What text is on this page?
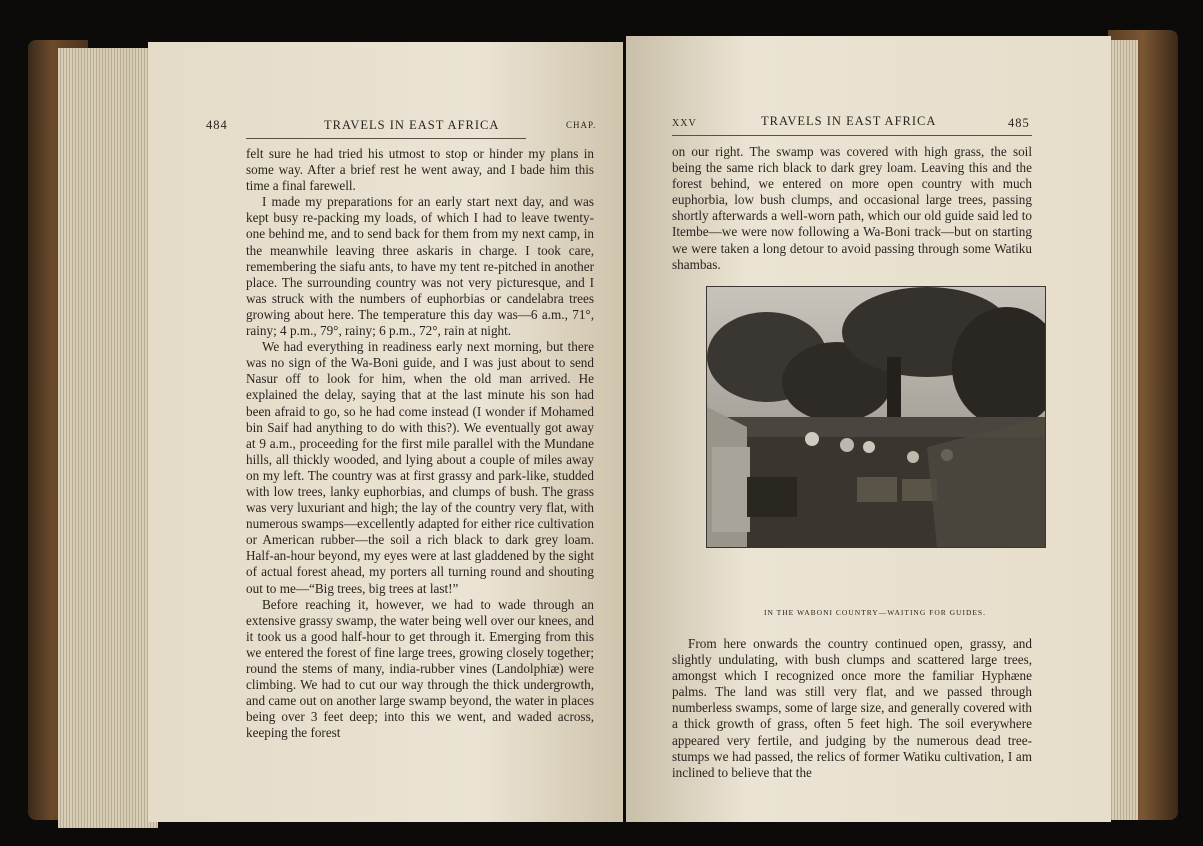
484	TRAVELS IN EAST AFRICA	CHAP.

felt sure he had tried his utmost to stop or hinder my plans in some way. After a brief rest he went away, and I bade him this time a final farewell.

I made my preparations for an early start next day, and was kept busy re-packing my loads, of which I had to leave twenty-one behind me, and to send back for them from my next camp, in the meanwhile leaving three askaris in charge. I took care, remembering the siafu ants, to have my tent re-pitched in another place. The surrounding country was not very picturesque, and I was struck with the numbers of euphorbias or candelabra trees growing about here. The temperature this day was—6 a.m., 71°, rainy; 4 p.m., 79°, rainy; 6 p.m., 72°, rain at night.

We had everything in readiness early next morning, but there was no sign of the Wa-Boni guide, and I was just about to send Nasur off to look for him, when the old man arrived. He explained the delay, saying that at the last minute his son had been afraid to go, so he had come instead (I wonder if Mohamed bin Saif had anything to do with this?). We eventually got away at 9 a.m., proceeding for the first mile parallel with the Mundane hills, all thickly wooded, and lying about a couple of miles away on my left. The country was at first grassy and park-like, studded with low trees, lanky euphorbias, and clumps of bush. The grass was very luxuriant and high; the lay of the country very flat, with numerous swamps—excellently adapted for either rice cultivation or American rubber—the soil a rich black to dark grey loam. Half-an-hour beyond, my eyes were at last gladdened by the sight of actual forest ahead, my porters all turning round and shouting out to me—“Big trees, big trees at last!”

Before reaching it, however, we had to wade through an extensive grassy swamp, the water being well over our knees, and it took us a good half-hour to get through it. Emerging from this we entered the forest of fine large trees, growing closely together; round the stems of many, india-rubber vines (Landolphiæ) were climbing. We had to cut our way through the thick undergrowth, and came out on another large swamp beyond, the water in places being over 3 feet deep; into this we went, and waded across, keeping the forest

XXV	TRAVELS IN EAST AFRICA	485

on our right. The swamp was covered with high grass, the soil being the same rich black to dark grey loam. Leaving this and the forest behind, we entered on more open country with much euphorbia, low bush clumps, and occasional large trees, passing shortly afterwards a well-worn path, which our old guide said led to Itembe—we were now following a Wa-Boni track—but on starting we were taken a long detour to avoid passing through some Watiku shambas.

IN THE WABONI COUNTRY—WAITING FOR GUIDES.

From here onwards the country continued open, grassy, and slightly undulating, with bush clumps and scattered large trees, amongst which I recognized once more the familiar Hyphæne palms. The land was still very flat, and we passed through numberless swamps, some of large size, and generally covered with a thick growth of grass, often 5 feet high. The soil everywhere appeared very fertile, and judging by the numerous dead tree-stumps we had passed, the relics of former Watiku cultivation, I am inclined to believe that the
